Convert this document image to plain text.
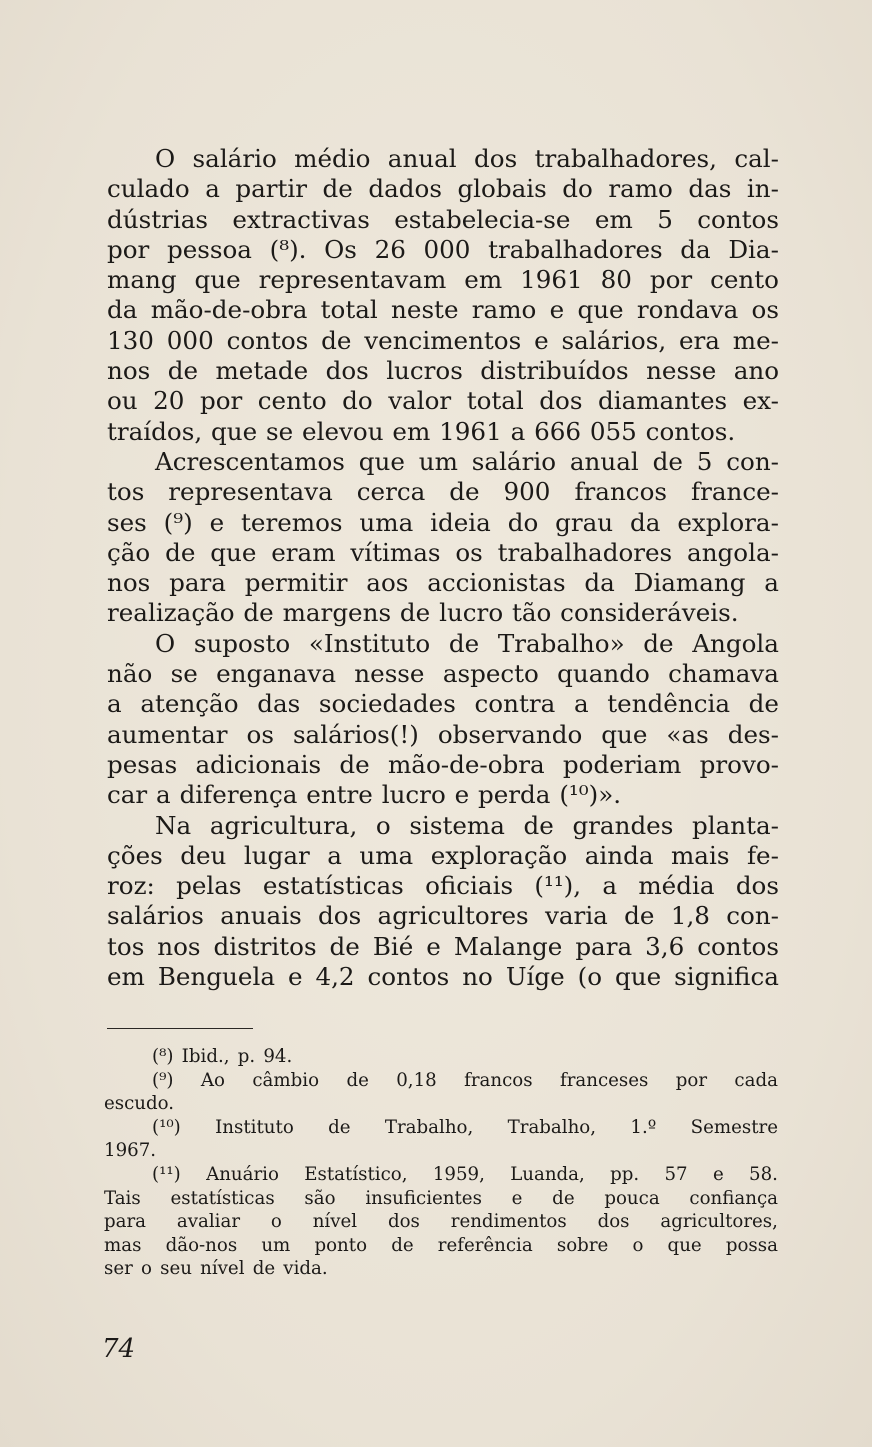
O salário médio anual dos trabalhadores, cal-
culado a partir de dados globais do ramo das in-
dústrias extractivas estabelecia-se em 5 contos
por pessoa (⁸). Os 26 000 trabalhadores da Dia-
mang que representavam em 1961 80 por cento
da mão-de-obra total neste ramo e que rondava os
130 000 contos de vencimentos e salários, era me-
nos de metade dos lucros distribuídos nesse ano
ou 20 por cento do valor total dos diamantes ex-
traídos, que se elevou em 1961 a 666 055 contos.
Acrescentamos que um salário anual de 5 con-
tos representava cerca de 900 francos france-
ses (⁹) e teremos uma ideia do grau da explora-
ção de que eram vítimas os trabalhadores angola-
nos para permitir aos accionistas da Diamang a
realização de margens de lucro tão consideráveis.
O suposto «Instituto de Trabalho» de Angola
não se enganava nesse aspecto quando chamava
a atenção das sociedades contra a tendência de
aumentar os salários(!) observando que «as des-
pesas adicionais de mão-de-obra poderiam provo-
car a diferença entre lucro e perda (¹⁰)».
Na agricultura, o sistema de grandes planta-
ções deu lugar a uma exploração ainda mais fe-
roz: pelas estatísticas oficiais (¹¹), a média dos
salários anuais dos agricultores varia de 1,8 con-
tos nos distritos de Bié e Malange para 3,6 contos
em Benguela e 4,2 contos no Uíge (o que significa
(⁸) Ibid., p. 94.
(⁹) Ao câmbio de 0,18 francos franceses por cada
escudo.
(¹⁰) Instituto de Trabalho, Trabalho, 1.º Semestre
1967.
(¹¹) Anuário Estatístico, 1959, Luanda, pp. 57 e 58.
Tais estatísticas são insuficientes e de pouca confiança
para avaliar o nível dos rendimentos dos agricultores,
mas dão-nos um ponto de referência sobre o que possa
ser o seu nível de vida.
74
